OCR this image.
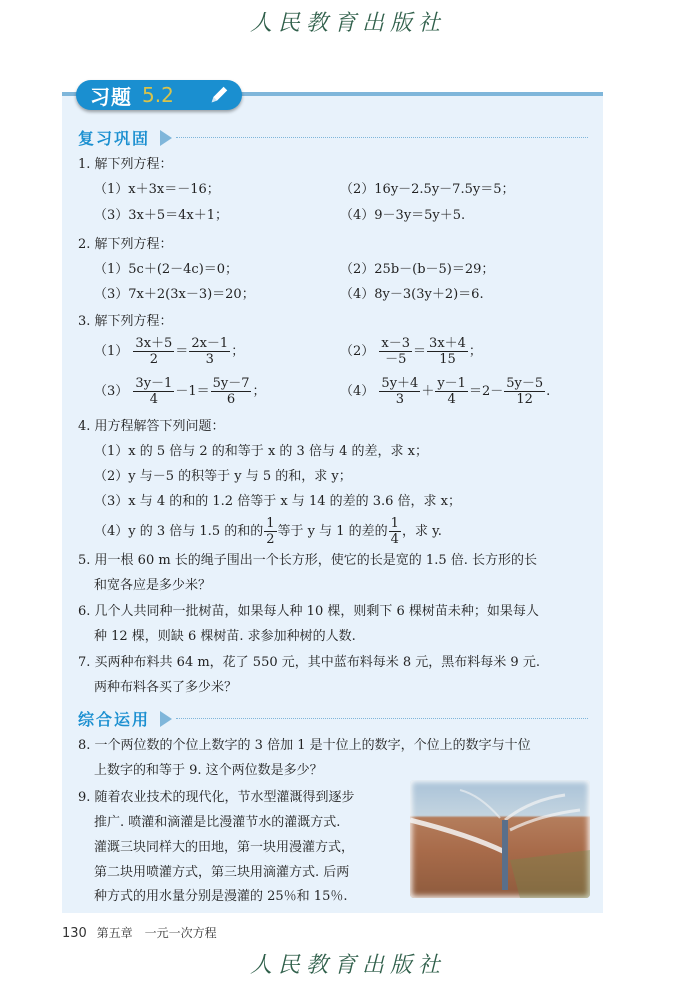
人民教育出版社
习题 5.2
复习巩固
1. 解下列方程：
（1）x＋3x＝－16；	（2）16y－2.5y－7.5y＝5；
（3）3x＋5＝4x＋1；	（4）9－3y＝5y＋5.
2. 解下列方程：
（1）5c＋(2－4c)＝0；	（2）25b－(b－5)＝29；
（3）7x＋2(3x－3)＝20；	（4）8y－3(3y＋2)＝6.
3. 解下列方程：
$(1) \frac{3x+5}{2} = \frac{2x-1}{3}$ ；	$(2) \frac{x-3}{-5} = \frac{3x+4}{15}$ ；
$(3) \frac{3y-1}{4} -1= \frac{5y-7}{6}$ ；	$(4) \frac{5y+4}{3} + \frac{y-1}{4} =2- \frac{5y-5}{12}$ .
4. 用方程解答下列问题：
（1）x 的 5 倍与 2 的和等于 x 的 3 倍与 4 的差，求 x；
（2）y 与－5 的积等于 y 与 5 的和，求 y；
（3）x 与 4 的和的 1.2 倍等于 x 与 14 的差的 3.6 倍，求 x；
（4）y 的 3 倍与 1.5 的和的 $\frac{1}{2}$ 等于 y 与 1 的差的 $\frac{1}{4}$ ，求 y.
5. 用一根 60 m 长的绳子围出一个长方形，使它的长是宽的 1.5 倍. 长方形的长
和宽各应是多少米？
6. 几个人共同种一批树苗，如果每人种 10 棵，则剩下 6 棵树苗未种；如果每人
种 12 棵，则缺 6 棵树苗. 求参加种树的人数.
7. 买两种布料共 64 m，花了 550 元，其中蓝布料每米 8 元，黑布料每米 9 元.
两种布料各买了多少米？
综合运用
8. 一个两位数的个位上数字的 3 倍加 1 是十位上的数字，个位上的数字与十位
上数字的和等于 9. 这个两位数是多少？
9. 随着农业技术的现代化，节水型灌溉得到逐步
推广. 喷灌和滴灌是比漫灌节水的灌溉方式.
灌溉三块同样大的田地，第一块用漫灌方式，
第二块用喷灌方式，第三块用滴灌方式. 后两
种方式的用水量分别是漫灌的 25％和 15％.
130 第五章　一元一次方程
人民教育出版社
